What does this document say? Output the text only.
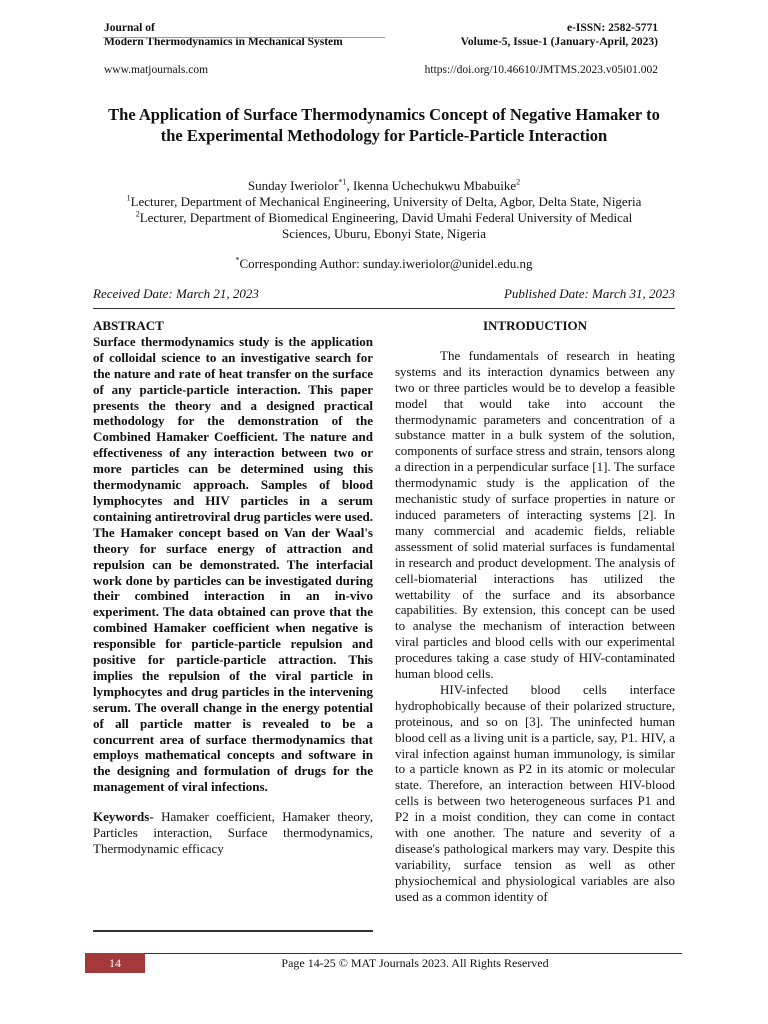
Journal of
Modern Thermodynamics in Mechanical System
e-ISSN: 2582-5771
Volume-5, Issue-1 (January-April, 2023)
www.matjournals.com	https://doi.org/10.46610/JMTMS.2023.v05i01.002
The Application of Surface Thermodynamics Concept of Negative Hamaker to the Experimental Methodology for Particle-Particle Interaction
Sunday Iweriolor$^{*1}$, Ikenna Uchechukwu Mbabuike$^2$
$^1$Lecturer, Department of Mechanical Engineering, University of Delta, Agbor, Delta State, Nigeria
$^2$Lecturer, Department of Biomedical Engineering, David Umahi Federal University of Medical Sciences, Uburu, Ebonyi State, Nigeria
*Corresponding Author: sunday.iweriolor@unidel.edu.ng
Received Date: March 21, 2023	Published Date: March 31, 2023
ABSTRACT

Surface thermodynamics study is the application of colloidal science to an investigative search for the nature and rate of heat transfer on the surface of any particle-particle interaction. This paper presents the theory and a designed practical methodology for the demonstration of the Combined Hamaker Coefficient. The nature and effectiveness of any interaction between two or more particles can be determined using this thermodynamic approach. Samples of blood lymphocytes and HIV particles in a serum containing antiretroviral drug particles were used. The Hamaker concept based on Van der Waal's theory for surface energy of attraction and repulsion can be demonstrated. The interfacial work done by particles can be investigated during their combined interaction in an in-vivo experiment. The data obtained can prove that the combined Hamaker coefficient when negative is responsible for particle-particle repulsion and positive for particle-particle attraction. This implies the repulsion of the viral particle in lymphocytes and drug particles in the intervening serum. The overall change in the energy potential of all particle matter is revealed to be a concurrent area of surface thermodynamics that employs mathematical concepts and software in the designing and formulation of drugs for the management of viral infections.

Keywords- Hamaker coefficient, Hamaker theory, Particles interaction, Surface thermodynamics, Thermodynamic efficacy

INTRODUCTION

The fundamentals of research in heating systems and its interaction dynamics between any two or three particles would be to develop a feasible model that would take into account the thermodynamic parameters and concentration of a substance matter in a bulk system of the solution, components of surface stress and strain, tensors along a direction in a perpendicular surface [1]. The surface thermodynamic study is the application of the mechanistic study of surface properties in nature or induced parameters of interacting systems [2]. In many commercial and academic fields, reliable assessment of solid material surfaces is fundamental in research and product development. The analysis of cell-biomaterial interactions has utilized the wettability of the surface and its absorbance capabilities. By extension, this concept can be used to analyse the mechanism of interaction between viral particles and blood cells with our experimental procedures taking a case study of HIV-contaminated human blood cells.

HIV-infected blood cells interface hydrophobically because of their polarized structure, proteinous, and so on [3]. The uninfected human blood cell as a living unit is a particle, say, P1. HIV, a viral infection against human immunology, is similar to a particle known as P2 in its atomic or molecular state. Therefore, an interaction between HIV-blood cells is between two heterogeneous surfaces P1 and P2 in a moist condition, they can come in contact with one another. The nature and severity of a disease's pathological markers may vary. Despite this variability, surface tension as well as other physiochemical and physiological variables are also used as a common identity of

14	Page 14-25 © MAT Journals 2023. All Rights Reserved
